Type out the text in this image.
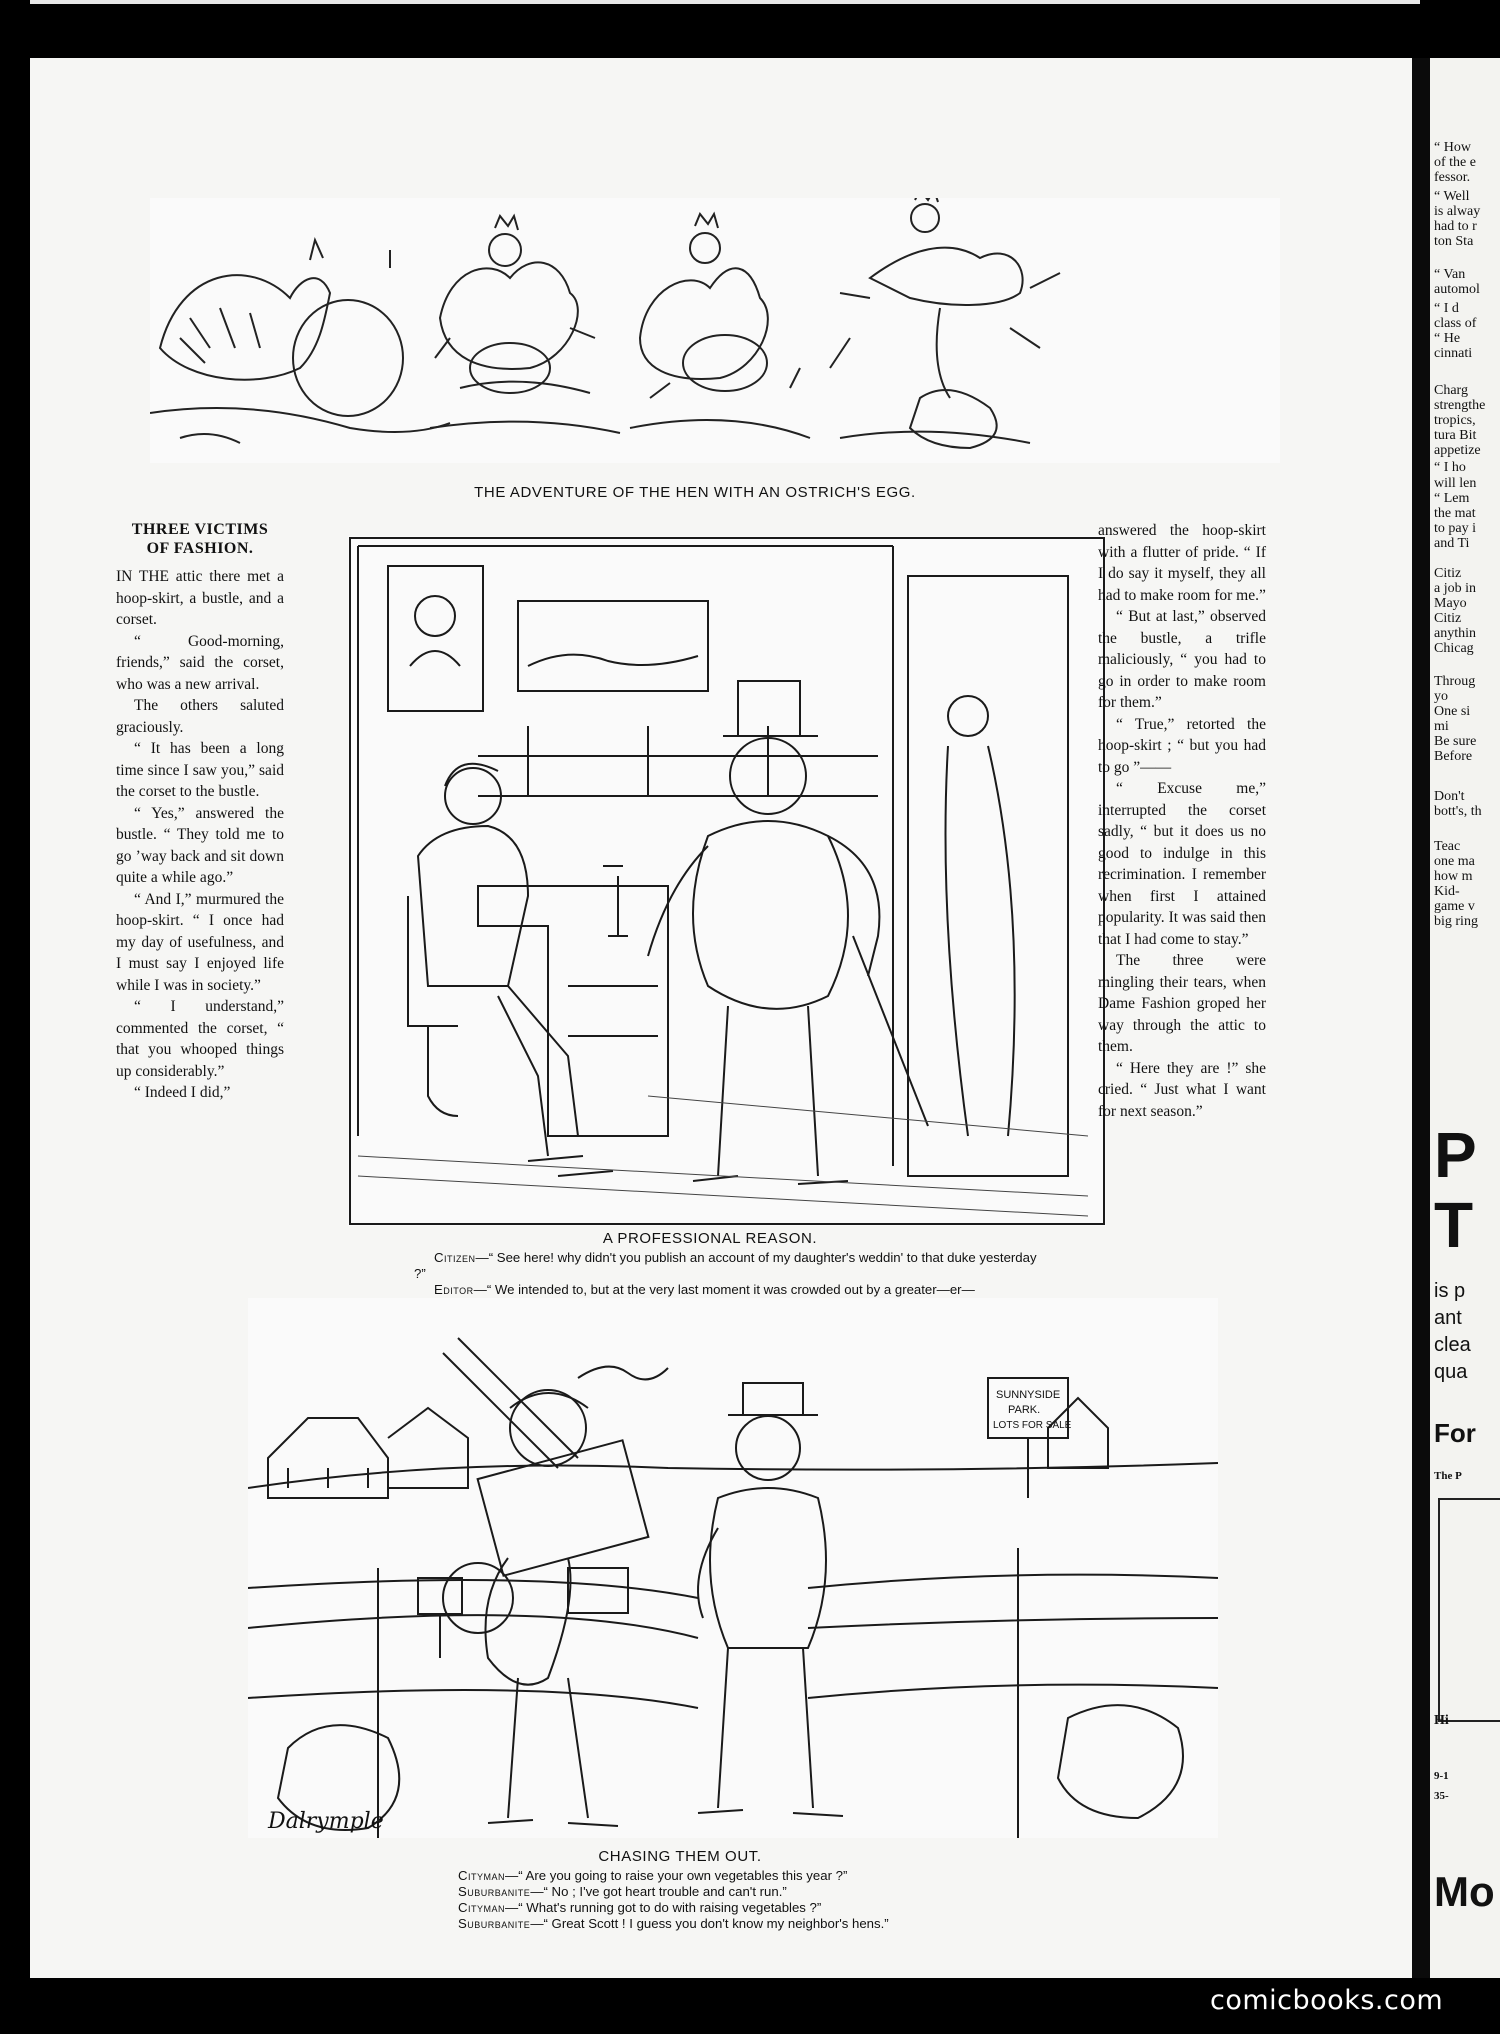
THE ADVENTURE OF THE HEN WITH AN OSTRICH'S EGG.
THREE VICTIMS
OF FASHION.

IN THE attic there met a hoop-skirt, a bustle, and a corset.

“ Good-morning, friends,” said the corset, who was a new arrival.

The others saluted graciously.

“ It has been a long time since I saw you,” said the corset to the bustle.

“ Yes,” answered the bustle. “ They told me to go ’way back and sit down quite a while ago.”

“ And I,” murmured the hoop-skirt. “ I once had my day of usefulness, and I must say I enjoyed life while I was in society.”

“ I understand,” commented the corset, “ that you whooped things up considerably.”

“ Indeed I did,”

answered the hoop-skirt with a flutter of pride. “ If I do say it myself, they all had to make room for me.”

“ But at last,” observed the bustle, a trifle maliciously, “ you had to go in order to make room for them.”

“ True,” retorted the hoop-skirt ; “ but you had to go ”——

“ Excuse me,” interrupted the corset sadly, “ but it does us no good to indulge in this recrimination. I remember when first I attained popularity. It was said then that I had come to stay.”

The three were mingling their tears, when Dame Fashion groped her way through the attic to them.

“ Here they are !” she cried. “ Just what I want for next season.”

A PROFESSIONAL REASON.
Citizen—“ See here! why didn't you publish an account of my daughter's weddin' to that duke yesterday ?”
Editor—“ We intended to, but at the very last moment it was crowded out by a greater—er—
SUNNYSIDE
PARK.
LOTS FOR SALE
Dalrymple
CHASING THEM OUT.
Cityman—“ Are you going to raise your own vegetables this year ?”
Suburbanite—“ No ; I've got heart trouble and can't run.”
Cityman—“ What's running got to do with raising vegetables ?”
Suburbanite—“ Great Scott ! I guess you don't know my neighbor's hens.”
P
T
is p
ant
clea
qua
For
The P
Hi
9-1
35-
Mo
“ How
of the e
fessor.
“ Well
is alway
had to r
ton Sta
“ Van
automol
“ I d
class of
“ He
cinnati
Charg
strengthe
tropics,
tura Bit
appetize
“ I ho
will len
“ Lem
the mat
to pay i
and Ti
Citiz
a job in
Mayo
Citiz
anythin
Chicag
Throug
yo
One si
mi
Be sure
Before
Don't
bott's, th
Teac
one ma
how m
Kid-
game v
big ring
comicbooks.com
